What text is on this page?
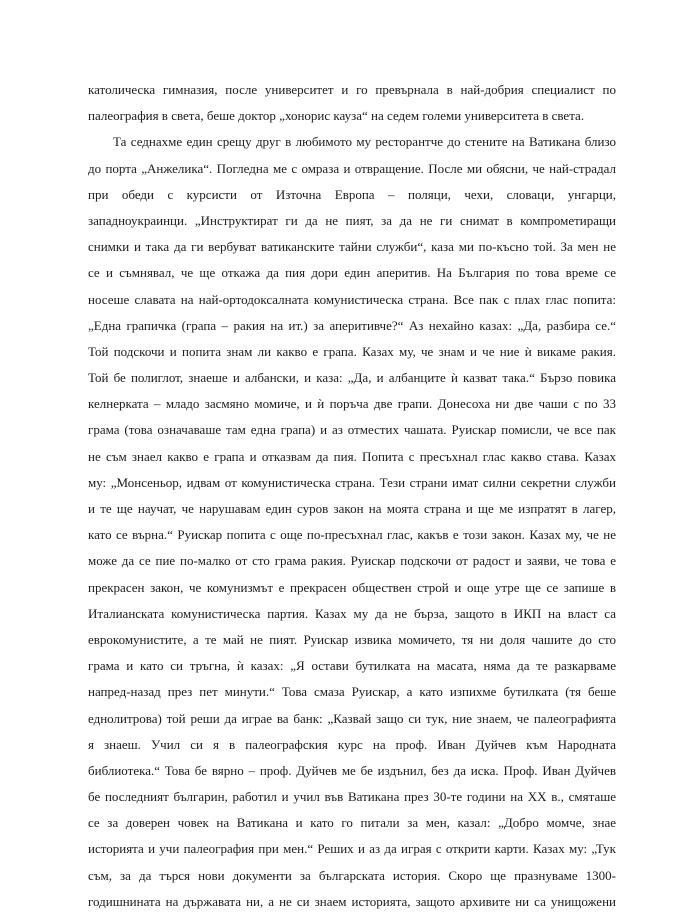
католическа гимназия, после университет и го превърнала в най-добрия специалист по
палеография в света, беше доктор „хонорис кауза“ на седем големи университета в света.
Та седнахме един срещу друг в любимото му ресторантче до стените на Ватикана близо
до порта „Анжелика“. Погледна ме с омраза и отвращение. После ми обясни, че най-страдал
при обеди с курсисти от Източна Европа – поляци, чехи, словаци, унгарци,
западноукраинци. „Инструктират ги да не пият, за да не ги снимат в компрометиращи
снимки и така да ги вербуват ватиканските тайни служби“, каза ми по-късно той. За мен не
се и съмнявал, че ще откажа да пия дори един аперитив. На България по това време се
носеше славата на най-ортодоксалната комунистическа страна. Все пак с плах глас попита:
„Една грапичка (грапа – ракия на ит.) за аперитивче?“ Аз нехайно казах: „Да, разбира се.“
Той подскочи и попита знам ли какво е грапа. Казах му, че знам и че ние ѝ викаме ракия.
Той бе полиглот, знаеше и албански, и каза: „Да, и албанците ѝ казват така.“ Бързо повика
келнерката – младо засмяно момиче, и ѝ поръча две грапи. Донесоха ни две чаши с по 33
грама (това означаваше там една грапа) и аз отместих чашата. Руискар помисли, че все пак
не съм знаел какво е грапа и отказвам да пия. Попита с пресъхнал глас какво става. Казах
му: „Монсеньор, идвам от комунистическа страна. Тези страни имат силни секретни служби
и те ще научат, че нарушавам един суров закон на моята страна и ще ме изпратят в лагер,
като се върна.“ Руискар попита с още по-пресъхнал глас, какъв е този закон. Казах му, че не
може да се пие по-малко от сто грама ракия. Руискар подскочи от радост и заяви, че това е
прекрасен закон, че комунизмът е прекрасен обществен строй и още утре ще се запише в
Италианската комунистическа партия. Казах му да не бърза, защото в ИКП на власт са
еврокомунистите, а те май не пият. Руискар извика момичето, тя ни доля чашите до сто
грама и като си тръгна, ѝ казах: „Я остави бутилката на масата, няма да те разкарваме
напред-назад през пет минути.“ Това смаза Руискар, а като изпихме бутилката (тя беше
еднолитрова) той реши да играе ва банк: „Казвай защо си тук, ние знаем, че палеографията
я знаеш. Учил си я в палеографския курс на проф. Иван Дуйчев към Народната
библиотека.“ Това бе вярно – проф. Дуйчев ме бе издънил, без да иска. Проф. Иван Дуйчев
бе последният българин, работил и учил във Ватикана през 30-те години на XX в., смяташе
се за доверен човек на Ватикана и като го питали за мен, казал: „Добро момче, знае
историята и учи палеография при мен.“ Реших и аз да играя с открити карти. Казах му: „Тук
съм, за да търся нови документи за българската история. Скоро ще празнуваме 1300-
годишнината на държавата ни, а не си знаем историята, защото архивите ни са унищожени
